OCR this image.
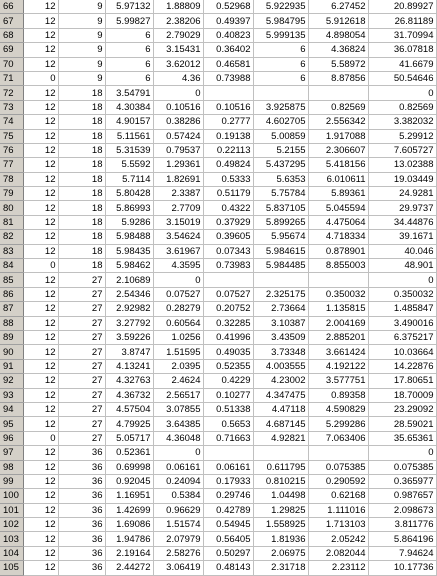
66	12	9	5.97132	1.88809	0.52968	5.922935	6.27452	20.89927
67	12	9	5.99827	2.38206	0.49397	5.984795	5.912618	26.81189
68	12	9	6	2.79029	0.40823	5.999135	4.898054	31.70994
69	12	9	6	3.15431	0.36402	6	4.36824	36.07818
70	12	9	6	3.62012	0.46581	6	5.58972	41.6679
71	0	9	6	4.36	0.73988	6	8.87856	50.54646
72	12	18	3.54791	0				0
73	12	18	4.30384	0.10516	0.10516	3.925875	0.82569	0.82569
74	12	18	4.90157	0.38286	0.2777	4.602705	2.556342	3.382032
75	12	18	5.11561	0.57424	0.19138	5.00859	1.917088	5.29912
76	12	18	5.31539	0.79537	0.22113	5.2155	2.306607	7.605727
77	12	18	5.5592	1.29361	0.49824	5.437295	5.418156	13.02388
78	12	18	5.7114	1.82691	0.5333	5.6353	6.010611	19.03449
79	12	18	5.80428	2.3387	0.51179	5.75784	5.89361	24.9281
80	12	18	5.86993	2.7709	0.4322	5.837105	5.045594	29.9737
81	12	18	5.9286	3.15019	0.37929	5.899265	4.475064	34.44876
82	12	18	5.98488	3.54624	0.39605	5.95674	4.718334	39.1671
83	12	18	5.98435	3.61967	0.07343	5.984615	0.878901	40.046
84	0	18	5.98462	4.3595	0.73983	5.984485	8.855003	48.901
85	12	27	2.10689	0				0
86	12	27	2.54346	0.07527	0.07527	2.325175	0.350032	0.350032
87	12	27	2.92982	0.28279	0.20752	2.73664	1.135815	1.485847
88	12	27	3.27792	0.60564	0.32285	3.10387	2.004169	3.490016
89	12	27	3.59226	1.0256	0.41996	3.43509	2.885201	6.375217
90	12	27	3.8747	1.51595	0.49035	3.73348	3.661424	10.03664
91	12	27	4.13241	2.0395	0.52355	4.003555	4.192122	14.22876
92	12	27	4.32763	2.4624	0.4229	4.23002	3.577751	17.80651
93	12	27	4.36732	2.56517	0.10277	4.347475	0.89358	18.70009
94	12	27	4.57504	3.07855	0.51338	4.47118	4.590829	23.29092
95	12	27	4.79925	3.64385	0.5653	4.687145	5.299286	28.59021
96	0	27	5.05717	4.36048	0.71663	4.92821	7.063406	35.65361
97	12	36	0.52361	0				0
98	12	36	0.69998	0.06161	0.06161	0.611795	0.075385	0.075385
99	12	36	0.92045	0.24094	0.17933	0.810215	0.290592	0.365977
100	12	36	1.16951	0.5384	0.29746	1.04498	0.62168	0.987657
101	12	36	1.42699	0.96629	0.42789	1.29825	1.111016	2.098673
102	12	36	1.69086	1.51574	0.54945	1.558925	1.713103	3.811776
103	12	36	1.94786	2.07979	0.56405	1.81936	2.05242	5.864196
104	12	36	2.19164	2.58276	0.50297	2.06975	2.082044	7.94624
105	12	36	2.44272	3.06419	0.48143	2.31718	2.23112	10.17736
